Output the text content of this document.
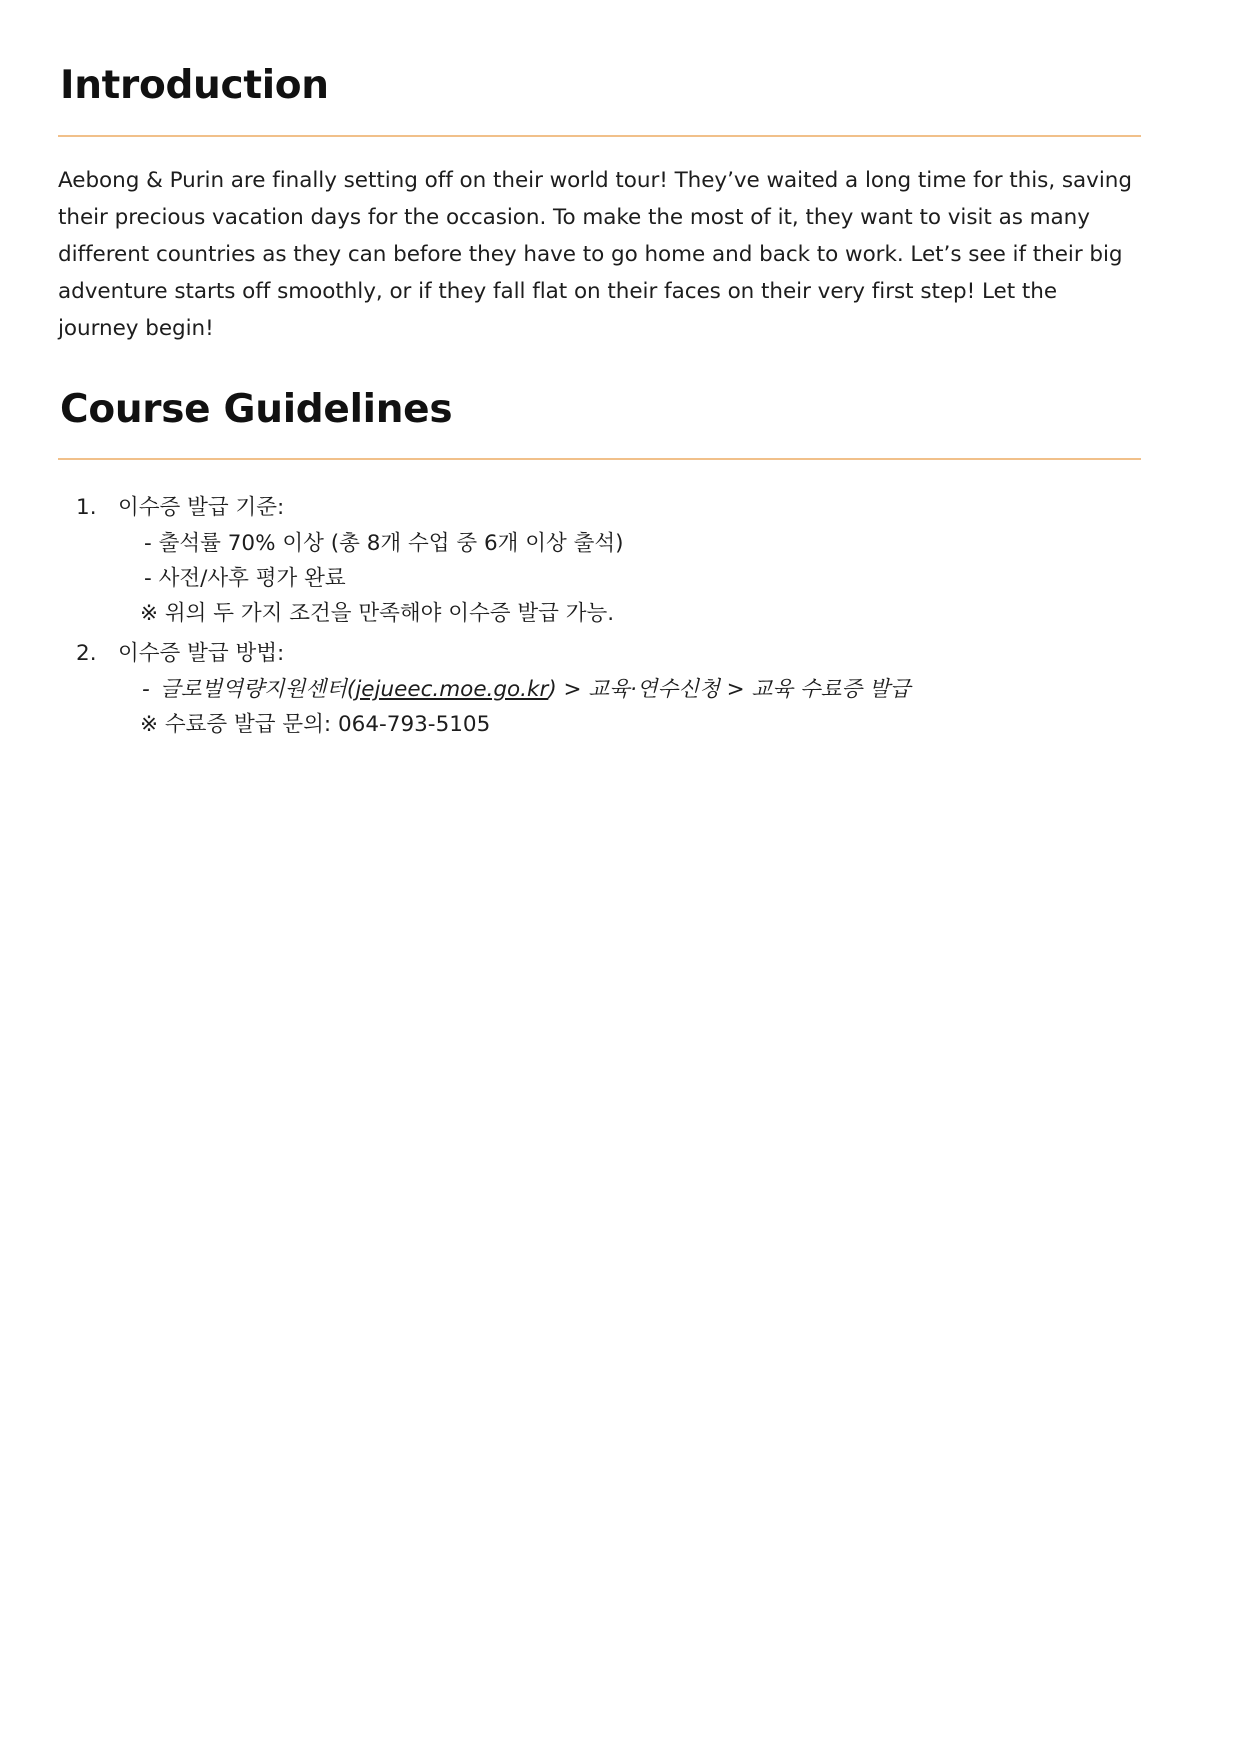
Introduction

Aebong & Purin are finally setting off on their world tour! They’ve waited a long time for this, saving their precious vacation days for the occasion. To make the most of it, they want to visit as many different countries as they can before they have to go home and back to work. Let’s see if their big adventure starts off smoothly, or if they fall flat on their faces on their very first step! Let the journey begin!

Course Guidelines
이수증 발급 기준:
- 출석률 70% 이상 (총 8개 수업 중 6개 이상 출석)
- 사전/사후 평가 완료
※ 위의 두 가지 조건을 만족해야 이수증 발급 가능.
이수증 발급 방법:
- 글로벌역량지원센터(jejueec.moe.go.kr) > 교육·연수신청 > 교육 수료증 발급
※ 수료증 발급 문의: 064-793-5105
